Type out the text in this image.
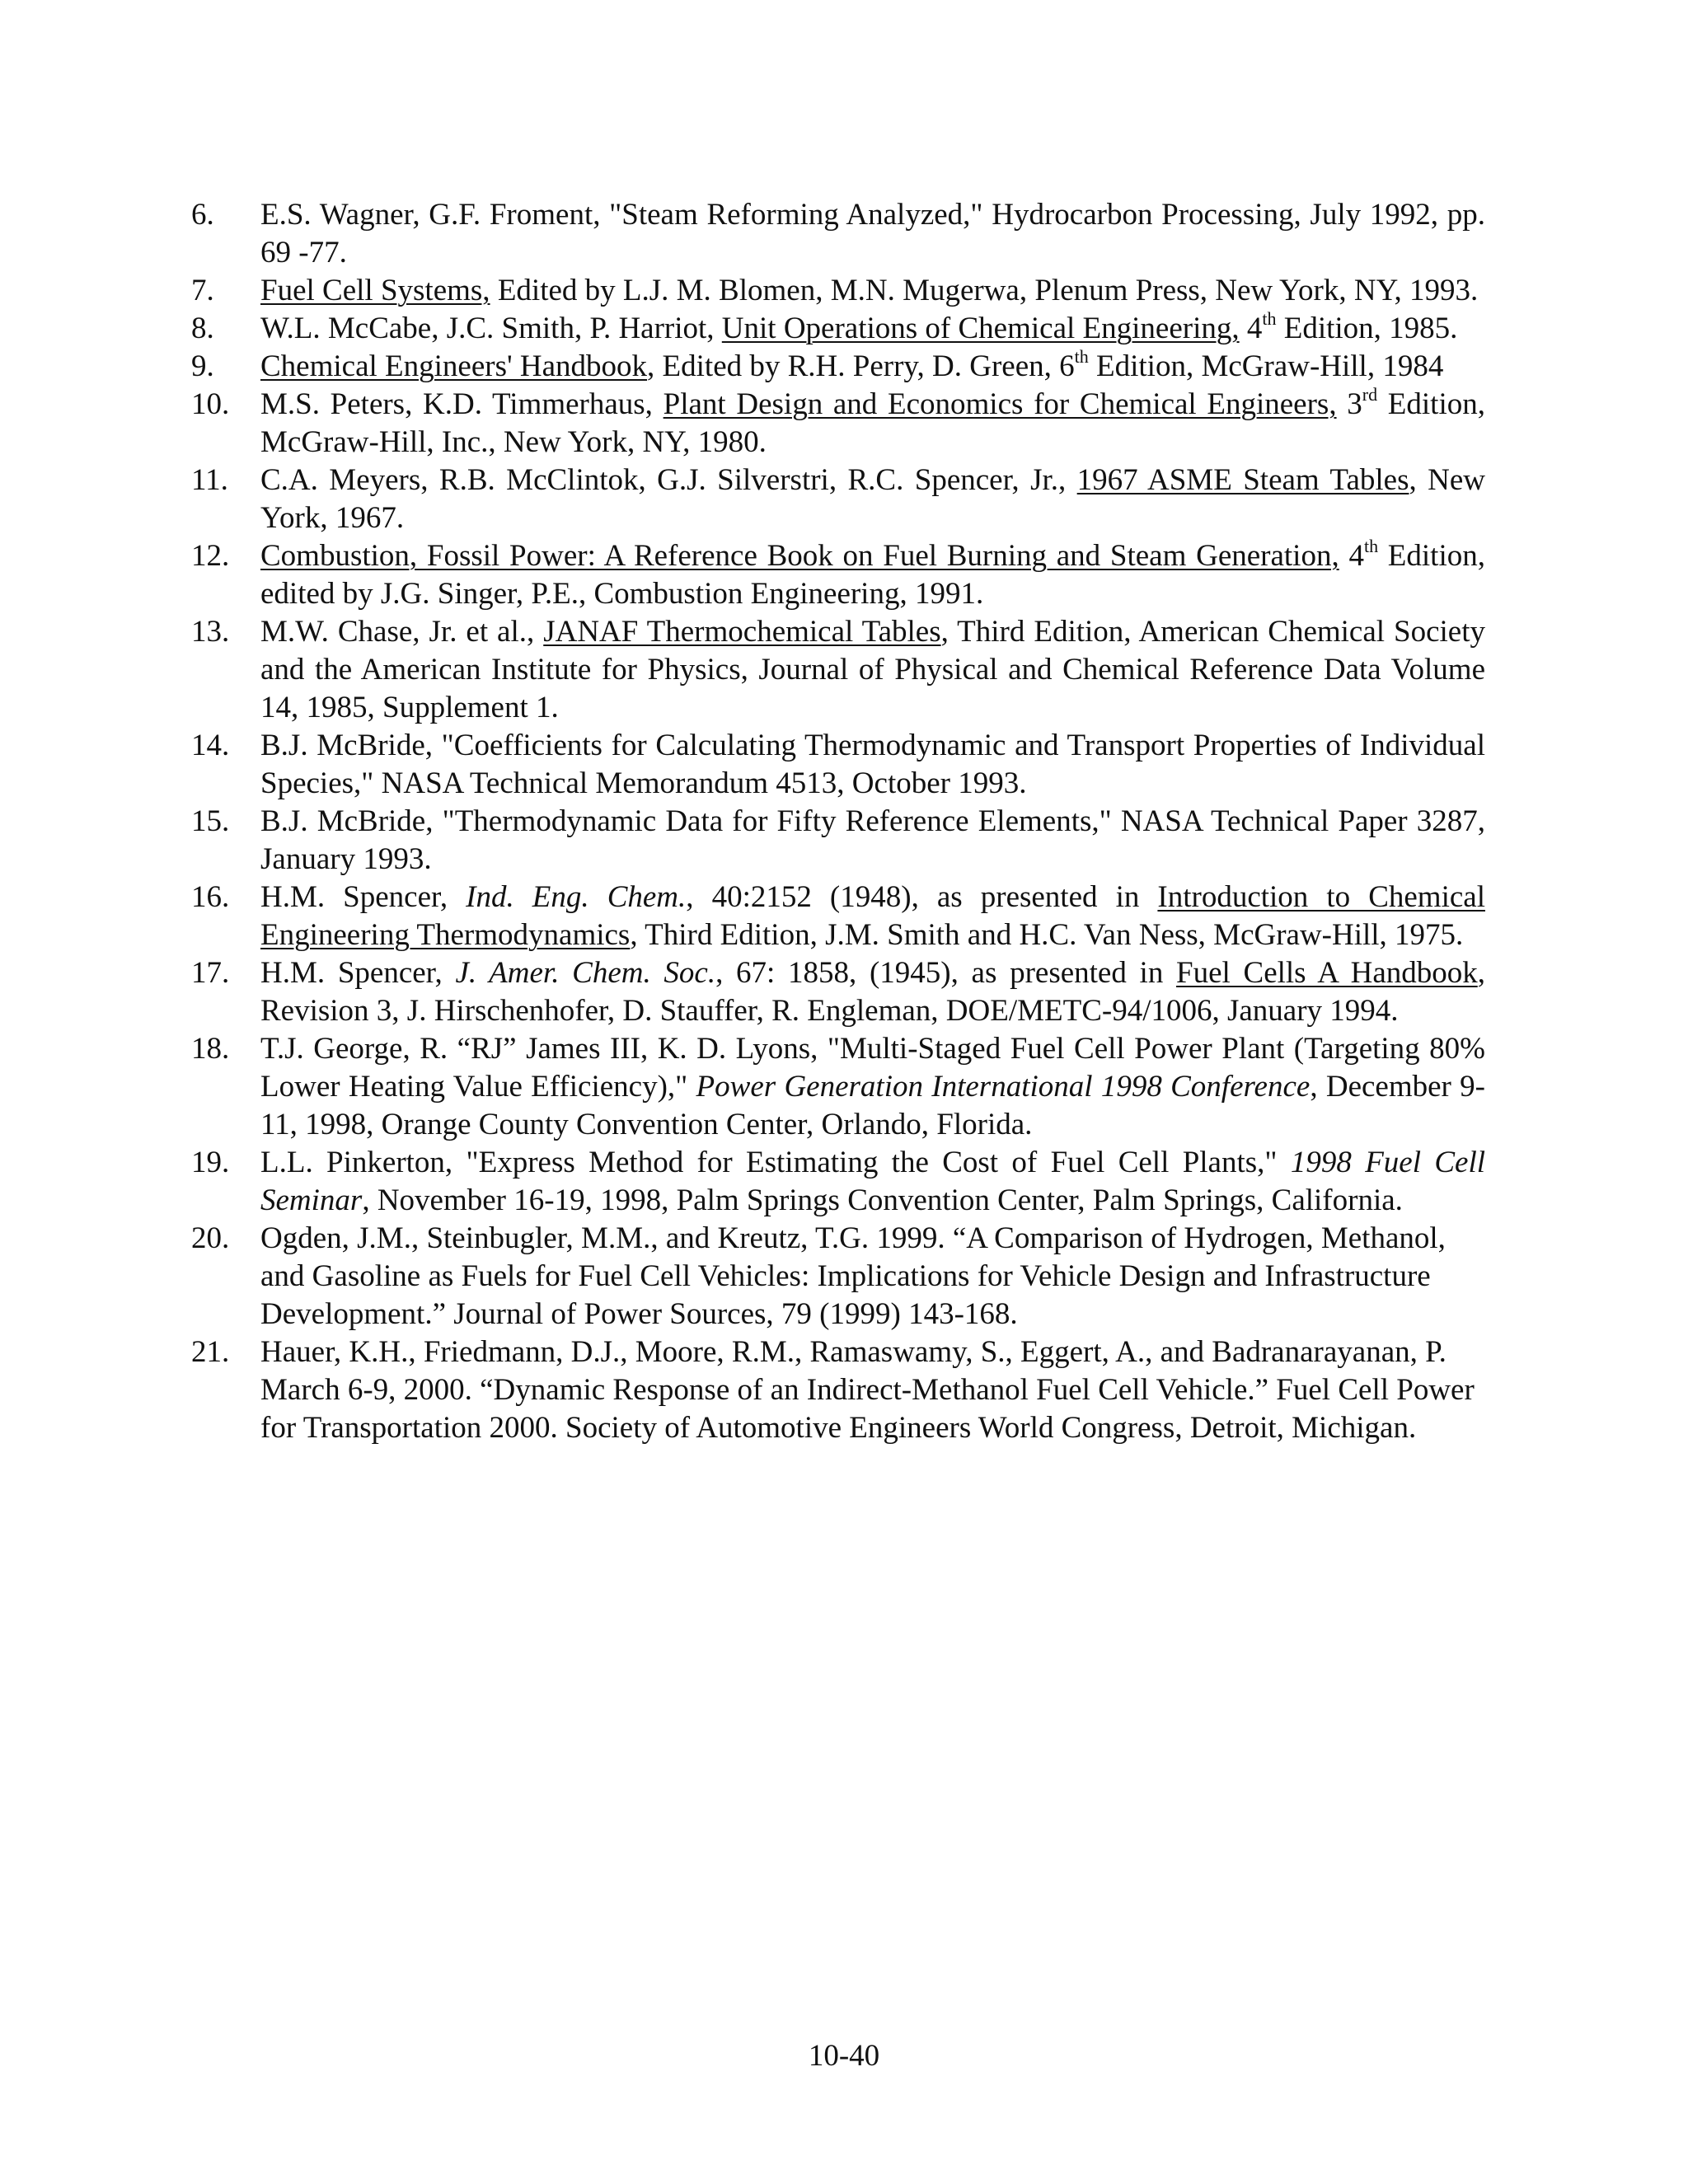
6.	E.S. Wagner, G.F. Froment, "Steam Reforming Analyzed," Hydrocarbon Processing, July 1992, pp. 69 -77.
7.	Fuel Cell Systems, Edited by L.J. M. Blomen, M.N. Mugerwa, Plenum Press, New York, NY, 1993.
8.	W.L. McCabe, J.C. Smith, P. Harriot, Unit Operations of Chemical Engineering, 4th Edition, 1985.
9.	Chemical Engineers' Handbook, Edited by R.H. Perry, D. Green, 6th Edition, McGraw-Hill, 1984
10.	M.S. Peters, K.D. Timmerhaus, Plant Design and Economics for Chemical Engineers, 3rd Edition, McGraw-Hill, Inc., New York, NY, 1980.
11.	C.A. Meyers, R.B. McClintok, G.J. Silverstri, R.C. Spencer, Jr., 1967 ASME Steam Tables, New York, 1967.
12.	Combustion, Fossil Power: A Reference Book on Fuel Burning and Steam Generation, 4th Edition, edited by J.G. Singer, P.E., Combustion Engineering, 1991.
13.	M.W. Chase, Jr. et al., JANAF Thermochemical Tables, Third Edition, American Chemical Society and the American Institute for Physics, Journal of Physical and Chemical Reference Data Volume 14, 1985, Supplement 1.
14.	B.J. McBride, "Coefficients for Calculating Thermodynamic and Transport Properties of Individual Species," NASA Technical Memorandum 4513, October 1993.
15.	B.J. McBride, "Thermodynamic Data for Fifty Reference Elements," NASA Technical Paper 3287, January 1993.
16.	H.M. Spencer, Ind. Eng. Chem., 40:2152 (1948), as presented in Introduction to Chemical Engineering Thermodynamics, Third Edition, J.M. Smith and H.C. Van Ness, McGraw-Hill, 1975.
17.	H.M. Spencer, J. Amer. Chem. Soc., 67: 1858, (1945), as presented in Fuel Cells A Handbook, Revision 3, J. Hirschenhofer, D. Stauffer, R. Engleman, DOE/METC-94/1006, January 1994.
18.	T.J. George, R. “RJ” James III, K. D. Lyons, "Multi-Staged Fuel Cell Power Plant (Targeting 80% Lower Heating Value Efficiency)," Power Generation International 1998 Conference, December 9-11, 1998, Orange County Convention Center, Orlando, Florida.
19.	L.L. Pinkerton, "Express Method for Estimating the Cost of Fuel Cell Plants," 1998 Fuel Cell Seminar, November 16-19, 1998, Palm Springs Convention Center, Palm Springs, California.
20.	Ogden, J.M., Steinbugler, M.M., and Kreutz, T.G. 1999. “A Comparison of Hydrogen, Methanol, and Gasoline as Fuels for Fuel Cell Vehicles: Implications for Vehicle Design and Infrastructure Development.” Journal of Power Sources, 79 (1999) 143-168.
21.	Hauer, K.H., Friedmann, D.J., Moore, R.M., Ramaswamy, S., Eggert, A., and Badranarayanan, P. March 6-9, 2000. “Dynamic Response of an Indirect-Methanol Fuel Cell Vehicle.” Fuel Cell Power for Transportation 2000. Society of Automotive Engineers World Congress, Detroit, Michigan.
10-40
